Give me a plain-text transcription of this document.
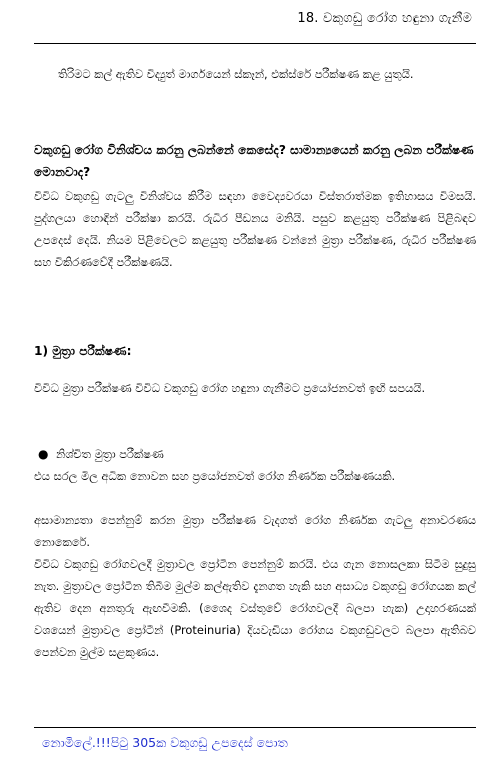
18. වකුගඩු රෝග හඳුනා ගැනීම
තිරිමට කල් ඇතිව විද්‍යුත් මාර්ගයෙන් ස්කෑන්, එක්ස්රේ පරීක්ෂණ කළ යුතුයි.
වකුගඩු රෝග විනිශ්චය කරනු ලබන්නේ කෙසේද? සාමාන්‍යයෙන් කරනු ලබන පරීක්ෂණ මොනවාද?
විවිධ වකුගඩු ගැටලු විනිශ්චය කිරීම සඳහා වෛද්‍යවරයා විස්තරාත්මක ඉතිහාසය විමසයි. පුද්ගලයා හොඳින් පරීක්ෂා කරයි. රුධිර පීඩනය මනියි. පසුව කළයුතු පරීක්ෂණ පිළිබඳව උපදෙස් දෙයි. නියම පිළිවෙලට කළයුතු පරීක්ෂණ වන්නේ මුත්‍රා පරීක්ෂණ, රුධිර පරීක්ෂණ සහ විකිරණවේදී පරීක්ෂණයි.
1) මුත්‍රා පරීක්ෂණ:
විවිධ මුත්‍රා පරීක්ෂණ විවිධ වකුගඩු රෝග හඳුනා ගැනීමට ප්‍රයෝජනවත් ඉඟි සපයයි.
● නිශ්චිත මුත්‍රා පරීක්ෂණ
එය සරල මිල අධික නොවන සහ ප්‍රයෝජනවත් රෝග නිර්ණක පරීක්ෂණයකි.
අසාමාන්‍යතා පෙන්නුම් කරන මුත්‍රා පරීක්ෂණ වැදගත් රෝග නිර්ණක ගැටලු අනාවරණය නොකෙරේ.
විවිධ වකුගඩු රෝගවලදී මුත්‍රාවල ප්‍රෝටීන පෙන්නුම් කරයි. එය ගැන නොසලකා සිටීම සුදුසු නැත. මුත්‍රාවල ප්‍රෝටීන තිබීම මුල්ම කල්ඇතිව දැනගත හැකි සහ අසාධ්‍ය වකුගඩු රෝගයක කල් ඇතිව දෙන අනතුරු ඇඟවීමකි. (ශෛද වස්තුවේ රෝගවලදී බලපා හැක) උදාහරණයක් වශයෙන් මුත්‍රාවල ප්‍රෝටීන් (Proteinuria) දියවැඩියා රෝගය වකුගඩුවලට බලපා ඇතිබව පෙන්වන මුල්ම සළකුණය.
නොමිලේ.!!!පිටු 305ක වකුගඩු උපදෙස් පොත
